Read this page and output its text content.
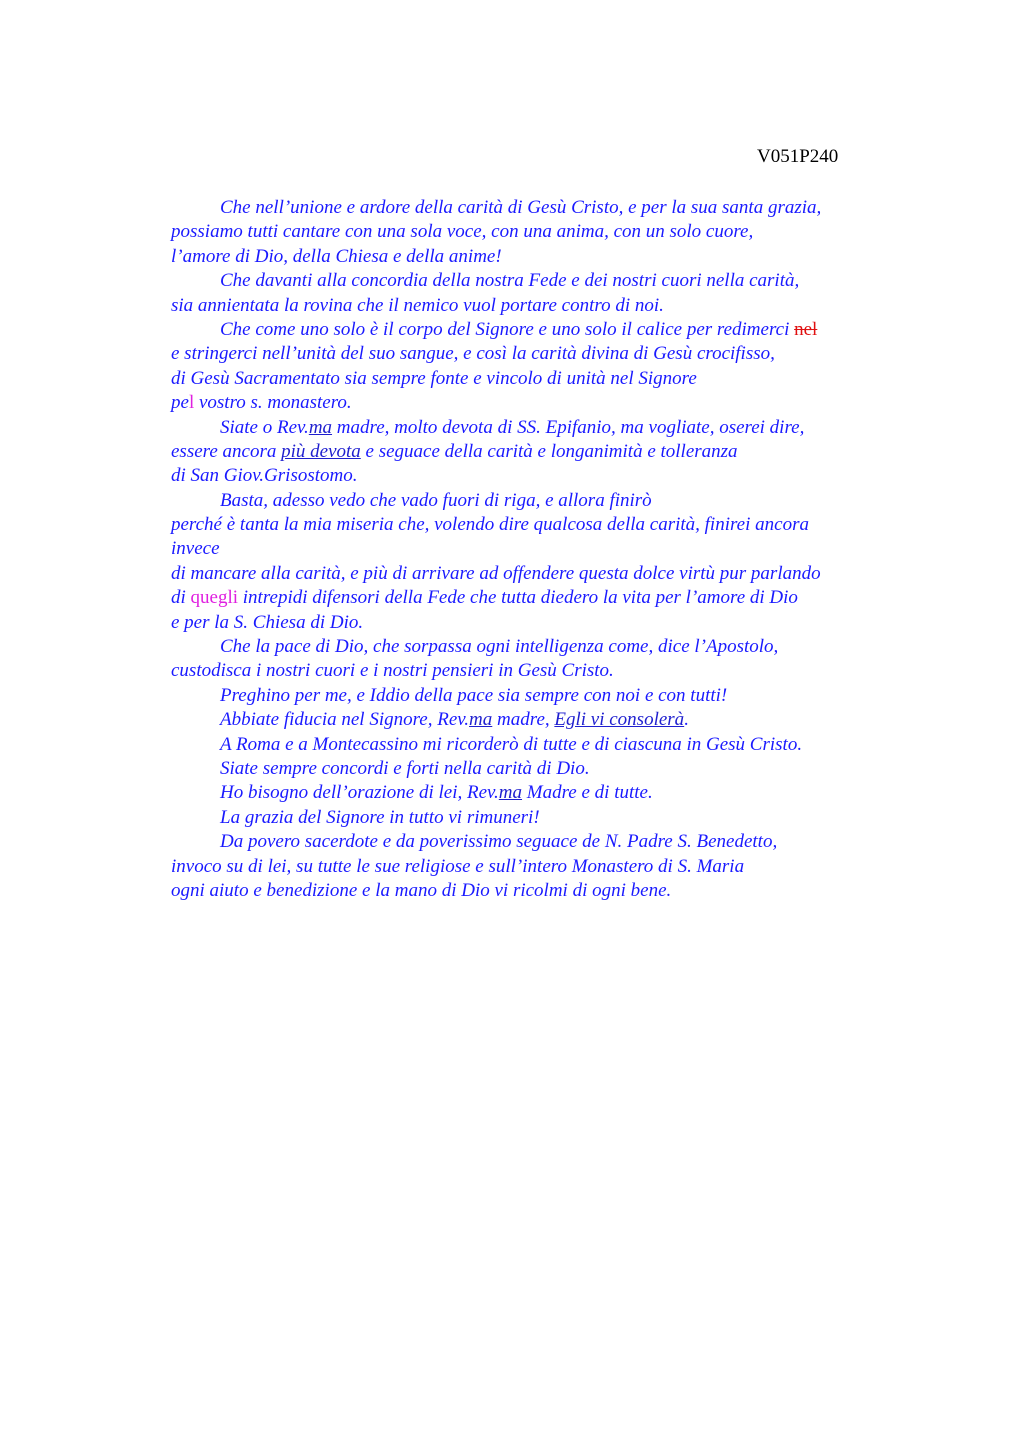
V051P240
Che nell’unione e ardore della carità di Gesù Cristo, e per la sua santa grazia,
possiamo tutti cantare con una sola voce, con una anima, con un solo cuore,
l’amore di Dio, della Chiesa e della anime!
Che davanti alla concordia della nostra Fede e dei nostri cuori nella carità,
sia annientata la rovina che il nemico vuol portare contro di noi.
Che come uno solo è il corpo del Signore e uno solo il calice per redimerci nel
e stringerci nell’unità del suo sangue, e così la carità divina di Gesù crocifisso,
di Gesù Sacramentato sia sempre fonte e vincolo di unità nel Signore
pel vostro s. monastero.
Siate o Rev.ma madre, molto devota di SS. Epifanio, ma vogliate, oserei dire,
essere ancora più devota e seguace della carità e longanimità e tolleranza
di San Giov.Grisostomo.
Basta, adesso vedo che vado fuori di riga, e allora finirò
perché è tanta la mia miseria che, volendo dire qualcosa della carità, finirei ancora
invece
di mancare alla carità, e più di arrivare ad offendere questa dolce virtù pur parlando
di quegli intrepidi difensori della Fede che tutta diedero la vita per l’amore di Dio
e per la S. Chiesa di Dio.
Che la pace di Dio, che sorpassa ogni intelligenza come, dice l’Apostolo,
custodisca i nostri cuori e i nostri pensieri in Gesù Cristo.
Preghino per me, e Iddio della pace sia sempre con noi e con tutti!
Abbiate fiducia nel Signore, Rev.ma madre, Egli vi consolerà.
A Roma e a Montecassino mi ricorderò di tutte e di ciascuna in Gesù Cristo.
Siate sempre concordi e forti nella carità di Dio.
Ho bisogno dell’orazione di lei, Rev.ma Madre e di tutte.
La grazia del Signore in tutto vi rimuneri!
Da povero sacerdote e da poverissimo seguace de N. Padre S. Benedetto,
invoco su di lei, su tutte le sue religiose e sull’intero Monastero di S. Maria
ogni aiuto e benedizione e la mano di Dio vi ricolmi di ogni bene.
